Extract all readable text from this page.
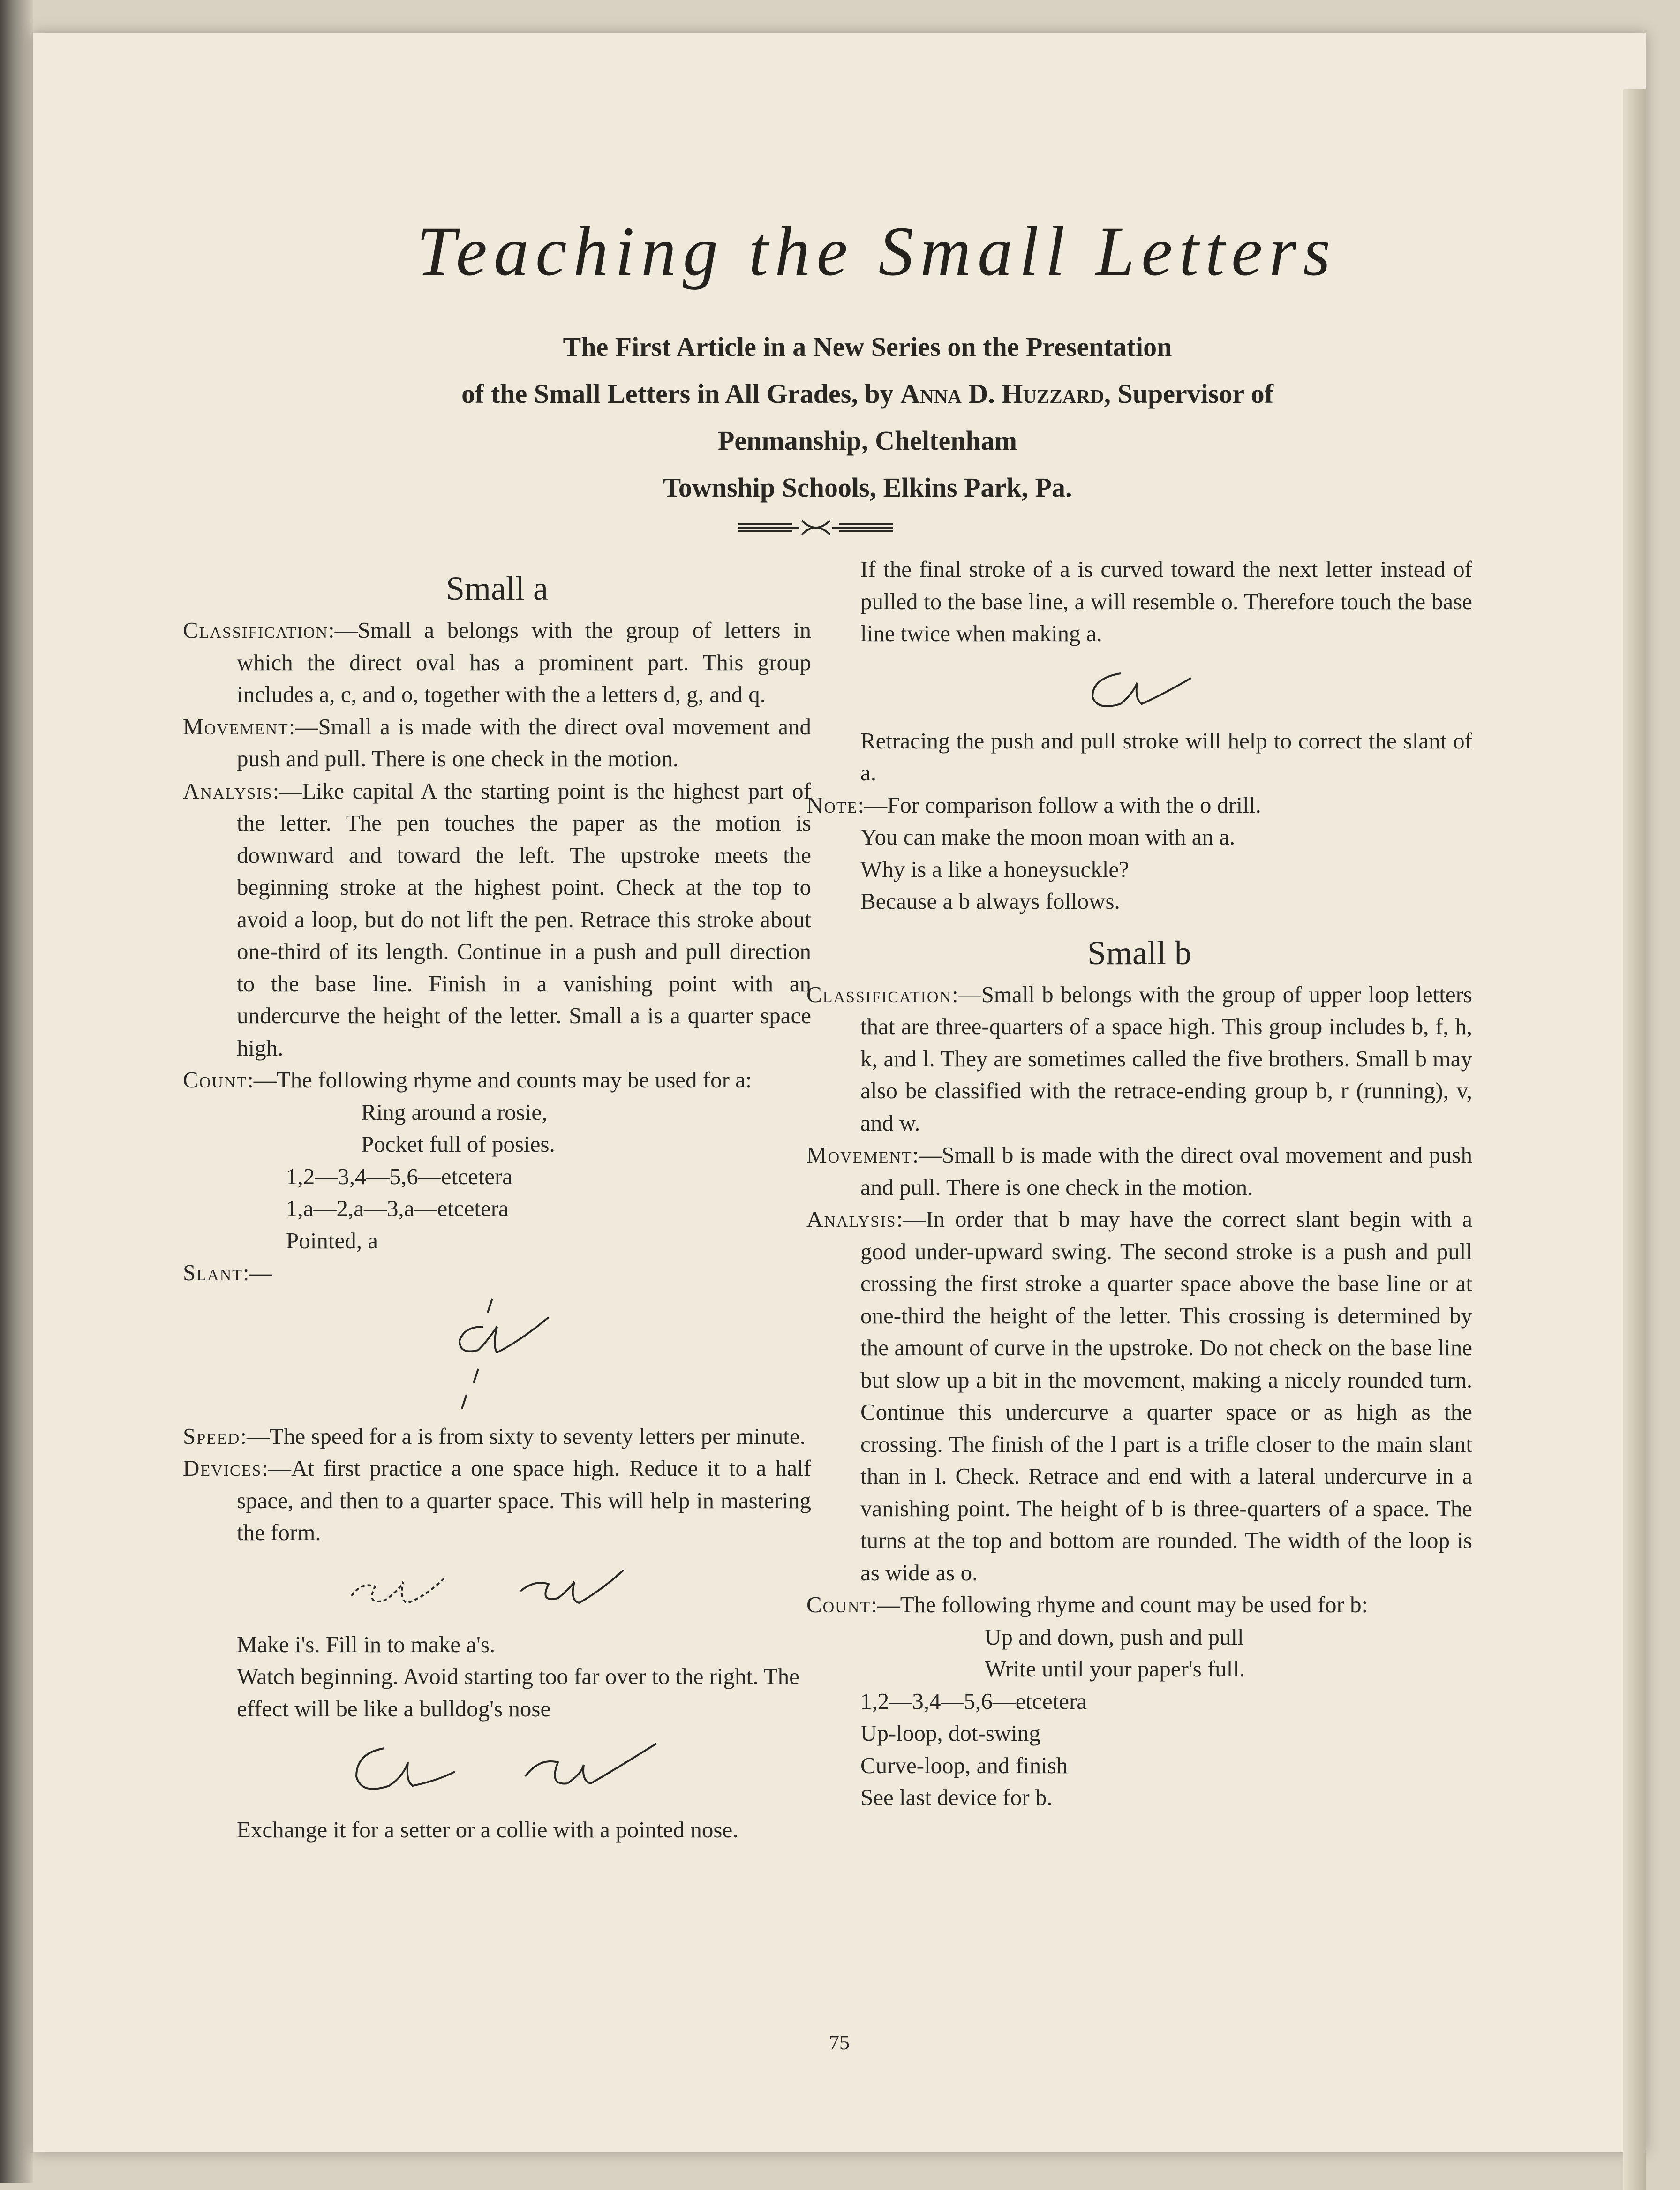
Teaching the Small Letters
The First Article in a New Series on the Presentation
of the Small Letters in All Grades, by Anna D. Huzzard, Supervisor of Penmanship, Cheltenham
Township Schools, Elkins Park, Pa.
Small a

Classification:—Small a belongs with the group of letters in which the direct oval has a prominent part. This group includes a, c, and o, together with the a letters d, g, and q.

Movement:—Small a is made with the direct oval movement and push and pull. There is one check in the motion.

Analysis:—Like capital A the starting point is the highest part of the letter. The pen touches the paper as the motion is downward and toward the left. The upstroke meets the beginning stroke at the highest point. Check at the top to avoid a loop, but do not lift the pen. Retrace this stroke about one-third of its length. Continue in a push and pull direction to the base line. Finish in a vanishing point with an undercurve the height of the letter. Small a is a quarter space high.

Count:—The following rhyme and counts may be used for a:

Ring around a rosie,

Pocket full of posies.

1,2—3,4—5,6—etcetera

1,a—2,a—3,a—etcetera

Pointed, a

Slant:—

Speed:—The speed for a is from sixty to seventy letters per minute.

Devices:—At first practice a one space high. Reduce it to a half space, and then to a quarter space. This will help in mastering the form.

Make i's. Fill in to make a's.

Watch beginning. Avoid starting too far over to the right. The effect will be like a bulldog's nose

Exchange it for a setter or a collie with a pointed nose.

If the final stroke of a is curved toward the next letter instead of pulled to the base line, a will resemble o. Therefore touch the base line twice when making a.

Retracing the push and pull stroke will help to correct the slant of a.

Note:—For comparison follow a with the o drill.

You can make the moon moan with an a.

Why is a like a honeysuckle?

Because a b always follows.

Small b

Classification:—Small b belongs with the group of upper loop letters that are three-quarters of a space high. This group includes b, f, h, k, and l. They are sometimes called the five brothers. Small b may also be classified with the retrace-ending group b, r (running), v, and w.

Movement:—Small b is made with the direct oval movement and push and pull. There is one check in the motion.

Analysis:—In order that b may have the correct slant begin with a good under-upward swing. The second stroke is a push and pull crossing the first stroke a quarter space above the base line or at one-third the height of the letter. This crossing is determined by the amount of curve in the upstroke. Do not check on the base line but slow up a bit in the movement, making a nicely rounded turn. Continue this undercurve a quarter space or as high as the crossing. The finish of the l part is a trifle closer to the main slant than in l. Check. Retrace and end with a lateral undercurve in a vanishing point. The height of b is three-quarters of a space. The turns at the top and bottom are rounded. The width of the loop is as wide as o.

Count:—The following rhyme and count may be used for b:

Up and down, push and pull

Write until your paper's full.

1,2—3,4—5,6—etcetera

Up-loop, dot-swing

Curve-loop, and finish

See last device for b.

75
